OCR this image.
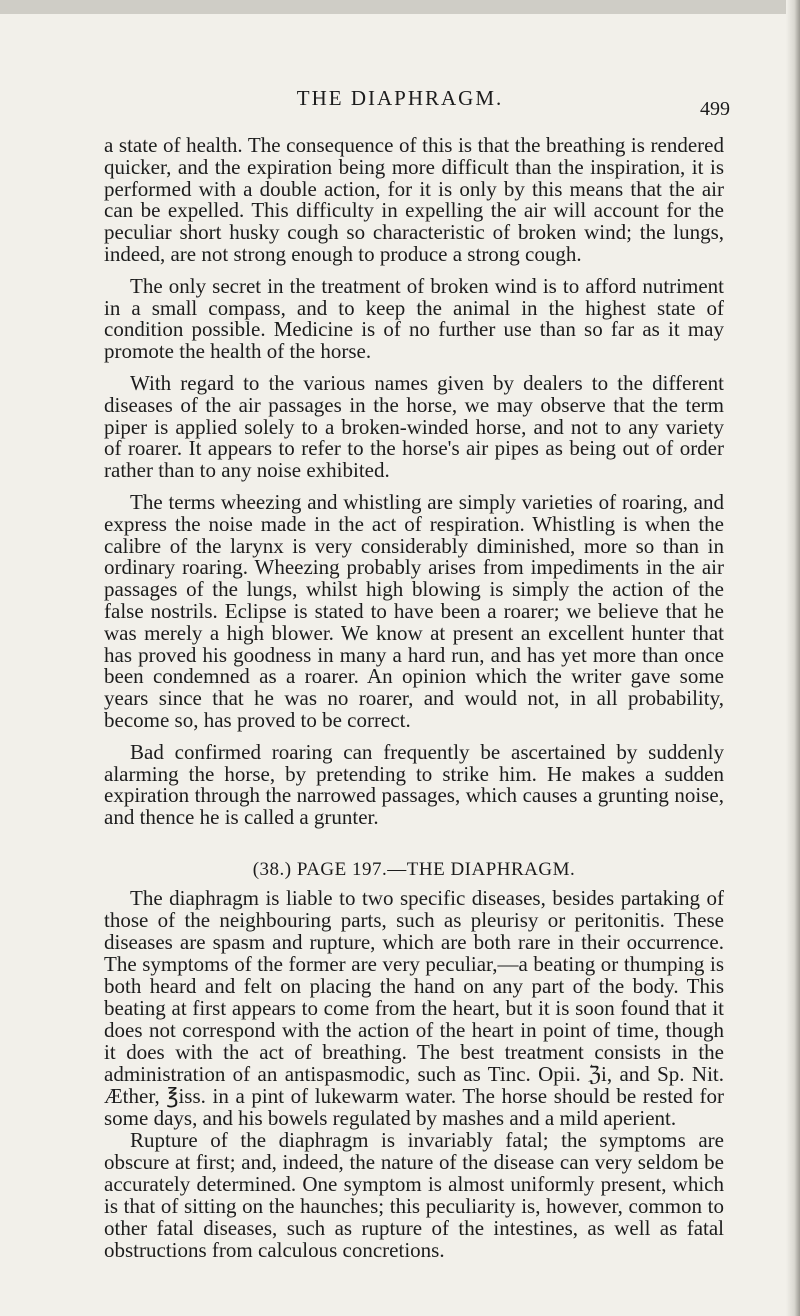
THE DIAPHRAGM.	499

a state of health. The consequence of this is that the breathing is rendered quicker, and the expiration being more difficult than the inspiration, it is performed with a double action, for it is only by this means that the air can be expelled. This difficulty in expelling the air will account for the peculiar short husky cough so characteristic of broken wind; the lungs, indeed, are not strong enough to produce a strong cough.

The only secret in the treatment of broken wind is to afford nutriment in a small compass, and to keep the animal in the highest state of condition possible. Medicine is of no further use than so far as it may promote the health of the horse.

With regard to the various names given by dealers to the different diseases of the air passages in the horse, we may observe that the term piper is applied solely to a broken-winded horse, and not to any variety of roarer. It appears to refer to the horse's air pipes as being out of order rather than to any noise exhibited.

The terms wheezing and whistling are simply varieties of roaring, and express the noise made in the act of respiration. Whistling is when the calibre of the larynx is very considerably diminished, more so than in ordinary roaring. Wheezing probably arises from impediments in the air passages of the lungs, whilst high blowing is simply the action of the false nostrils. Eclipse is stated to have been a roarer; we believe that he was merely a high blower. We know at present an excellent hunter that has proved his goodness in many a hard run, and has yet more than once been condemned as a roarer. An opinion which the writer gave some years since that he was no roarer, and would not, in all probability, become so, has proved to be correct.

Bad confirmed roaring can frequently be ascertained by suddenly alarming the horse, by pretending to strike him. He makes a sudden expiration through the narrowed passages, which causes a grunting noise, and thence he is called a grunter.

(38.) PAGE 197.—THE DIAPHRAGM.

The diaphragm is liable to two specific diseases, besides partaking of those of the neighbouring parts, such as pleurisy or peritonitis. These diseases are spasm and rupture, which are both rare in their occurrence. The symptoms of the former are very peculiar,—a beating or thumping is both heard and felt on placing the hand on any part of the body. This beating at first appears to come from the heart, but it is soon found that it does not correspond with the action of the heart in point of time, though it does with the act of breathing. The best treatment consists in the administration of an antispasmodic, such as Tinc. Opii. ℨi, and Sp. Nit. Æther, ℥iss. in a pint of lukewarm water. The horse should be rested for some days, and his bowels regulated by mashes and a mild aperient.

Rupture of the diaphragm is invariably fatal; the symptoms are obscure at first; and, indeed, the nature of the disease can very seldom be accurately determined. One symptom is almost uniformly present, which is that of sitting on the haunches; this peculiarity is, however, common to other fatal diseases, such as rupture of the intestines, as well as fatal obstructions from calculous concretions.
